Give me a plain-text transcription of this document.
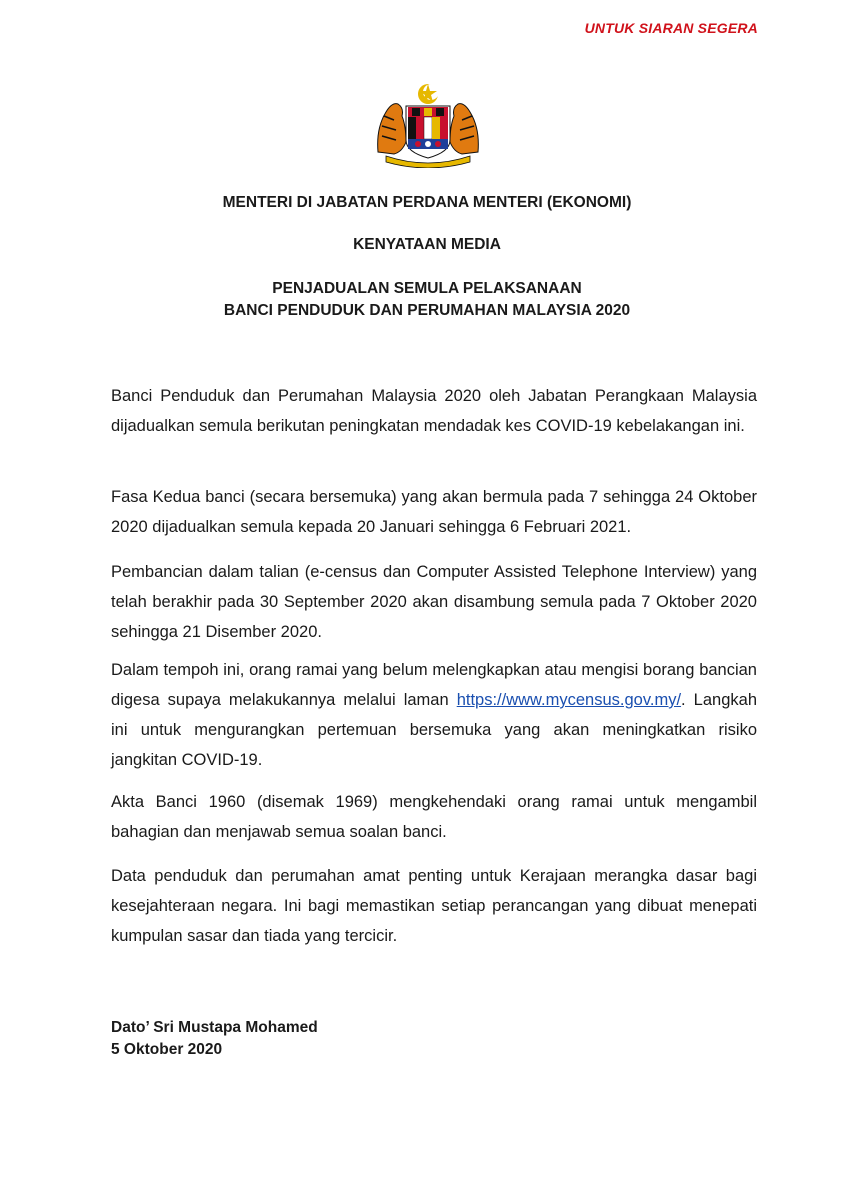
UNTUK SIARAN SEGERA
MENTERI DI JABATAN PERDANA MENTERI (EKONOMI)
KENYATAAN MEDIA
PENJADUALAN SEMULA PELAKSANAAN
BANCI PENDUDUK DAN PERUMAHAN MALAYSIA 2020

Banci Penduduk dan Perumahan Malaysia 2020 oleh Jabatan Perangkaan Malaysia dijadualkan semula berikutan peningkatan mendadak kes COVID-19 kebelakangan ini.

Fasa Kedua banci (secara bersemuka) yang akan bermula pada 7 sehingga 24 Oktober 2020 dijadualkan semula kepada 20 Januari sehingga 6 Februari 2021.

Pembancian dalam talian (e-census dan Computer Assisted Telephone Interview) yang telah berakhir pada 30 September 2020 akan disambung semula pada 7 Oktober 2020 sehingga 21 Disember 2020.

Dalam tempoh ini, orang ramai yang belum melengkapkan atau mengisi borang bancian digesa supaya melakukannya melalui laman https://www.mycensus.gov.my/. Langkah ini untuk mengurangkan pertemuan bersemuka yang akan meningkatkan risiko jangkitan COVID-19.

Akta Banci 1960 (disemak 1969) mengkehendaki orang ramai untuk mengambil bahagian dan menjawab semua soalan banci.

Data penduduk dan perumahan amat penting untuk Kerajaan merangka dasar bagi kesejahteraan negara. Ini bagi memastikan setiap perancangan yang dibuat menepati kumpulan sasar dan tiada yang tercicir.

Dato’ Sri Mustapa Mohamed
5 Oktober 2020
